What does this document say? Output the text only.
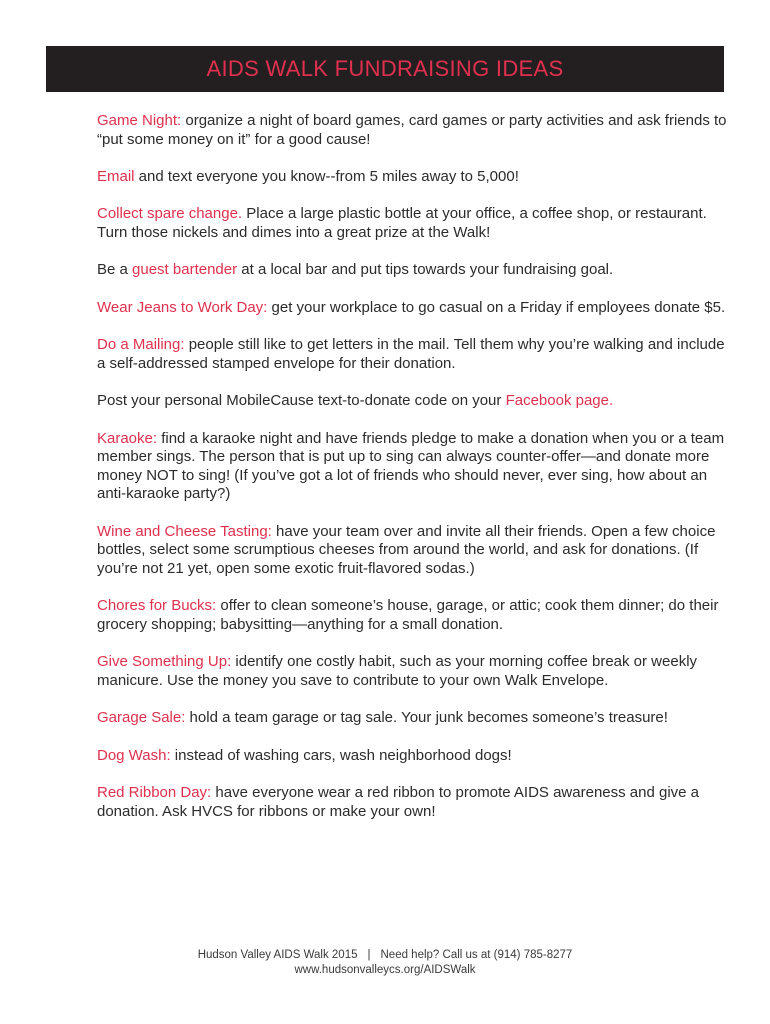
AIDS WALK FUNDRAISING IDEAS

Game Night: organize a night of board games, card games or party activities and ask friends to “put some money on it” for a good cause!

Email and text everyone you know--from 5 miles away to 5,000!

Collect spare change. Place a large plastic bottle at your office, a coffee shop, or restaurant. Turn those nickels and dimes into a great prize at the Walk!

Be a guest bartender at a local bar and put tips towards your fundraising goal.

Wear Jeans to Work Day: get your workplace to go casual on a Friday if employees donate $5.

Do a Mailing: people still like to get letters in the mail. Tell them why you’re walking and include a self-addressed stamped envelope for their donation.

Post your personal MobileCause text-to-donate code on your Facebook page.

Karaoke: find a karaoke night and have friends pledge to make a donation when you or a team member sings. The person that is put up to sing can always counter-offer—and donate more money NOT to sing! (If you’ve got a lot of friends who should never, ever sing, how about an anti-karaoke party?)

Wine and Cheese Tasting: have your team over and invite all their friends. Open a few choice bottles, select some scrumptious cheeses from around the world, and ask for donations. (If you’re not 21 yet, open some exotic fruit-flavored sodas.)

Chores for Bucks: offer to clean someone’s house, garage, or attic; cook them dinner; do their grocery shopping; babysitting—anything for a small donation.

Give Something Up: identify one costly habit, such as your morning coffee break or weekly manicure. Use the money you save to contribute to your own Walk Envelope.

Garage Sale: hold a team garage or tag sale. Your junk becomes someone’s treasure!

Dog Wash: instead of washing cars, wash neighborhood dogs!

Red Ribbon Day: have everyone wear a red ribbon to promote AIDS awareness and give a donation. Ask HVCS for ribbons or make your own!

Hudson Valley AIDS Walk 2015 | Need help? Call us at (914) 785-8277
www.hudsonvalleycs.org/AIDSWalk
